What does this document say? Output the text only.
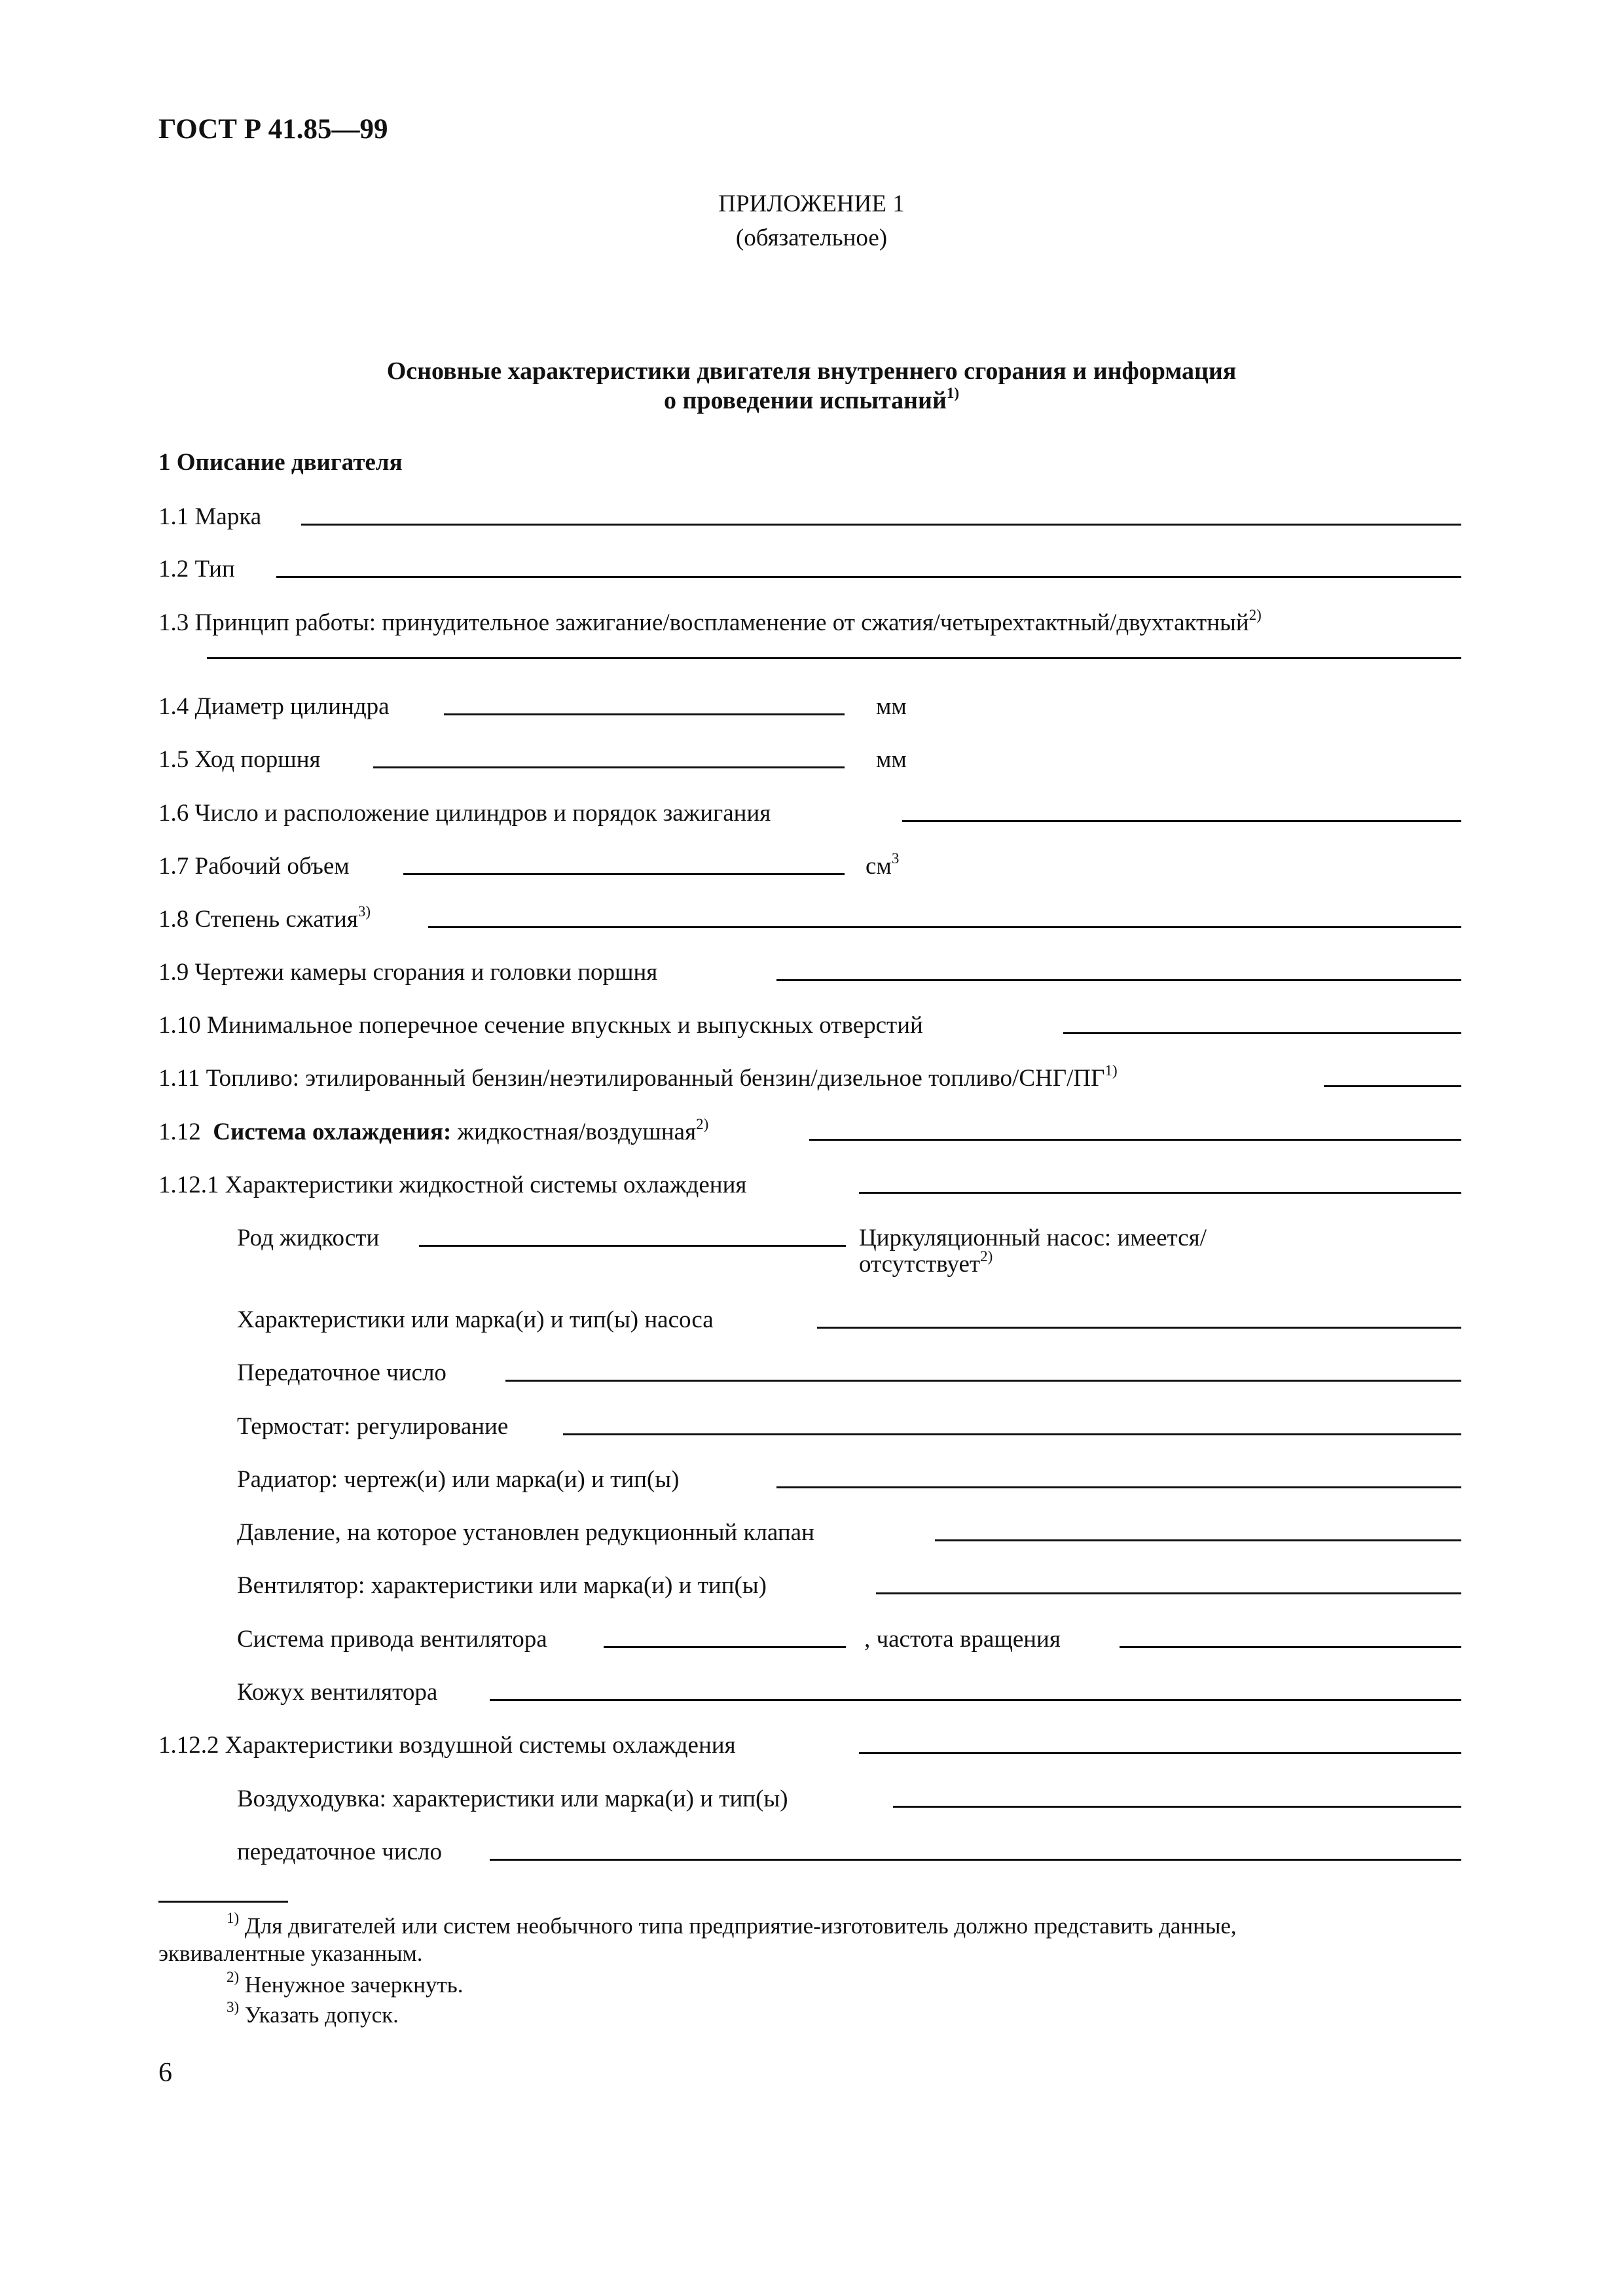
ГОСТ Р 41.85—99
ПРИЛОЖЕНИЕ 1
(обязательное)
Основные характеристики двигателя внутреннего сгорания и информация
о проведении испытаний$^{1)}$
1 Описание двигателя
1.1 Марка
1.2 Тип
1.3 Принцип работы: принудительное зажигание/воспламенение от сжатия/четырехтактный/двухтактный$^{2)}$
1.4 Диаметр цилиндра	мм
1.5 Ход поршня	мм
1.6 Число и расположение цилиндров и порядок зажигания
1.7 Рабочий объем	$см^3$
1.8 Степень сжатия$^{3)}$
1.9 Чертежи камеры сгорания и головки поршня
1.10 Минимальное поперечное сечение впускных и выпускных отверстий
1.11 Топливо: этилированный бензин/неэтилированный бензин/дизельное топливо/СНГ/ПГ$^{1)}$
1.12 Система охлаждения: жидкостная/воздушная$^{2)}$
1.12.1 Характеристики жидкостной системы охлаждения
Род жидкости	Циркуляционный насос: имеется/
отсутствует$^{2)}$
Характеристики или марка(и) и тип(ы) насоса
Передаточное число
Термостат: регулирование
Радиатор: чертеж(и) или марка(и) и тип(ы)
Давление, на которое установлен редукционный клапан
Вентилятор: характеристики или марка(и) и тип(ы)
Система привода вентилятора	, частота вращения
Кожух вентилятора
1.12.2 Характеристики воздушной системы охлаждения
Воздуходувка: характеристики или марка(и) и тип(ы)
передаточное число
$^{1)}$ Для двигателей или систем необычного типа предприятие-изготовитель должно представить данные,
эквивалентные указанным.
$^{2)}$ Ненужное зачеркнуть.
$^{3)}$ Указать допуск.
6
